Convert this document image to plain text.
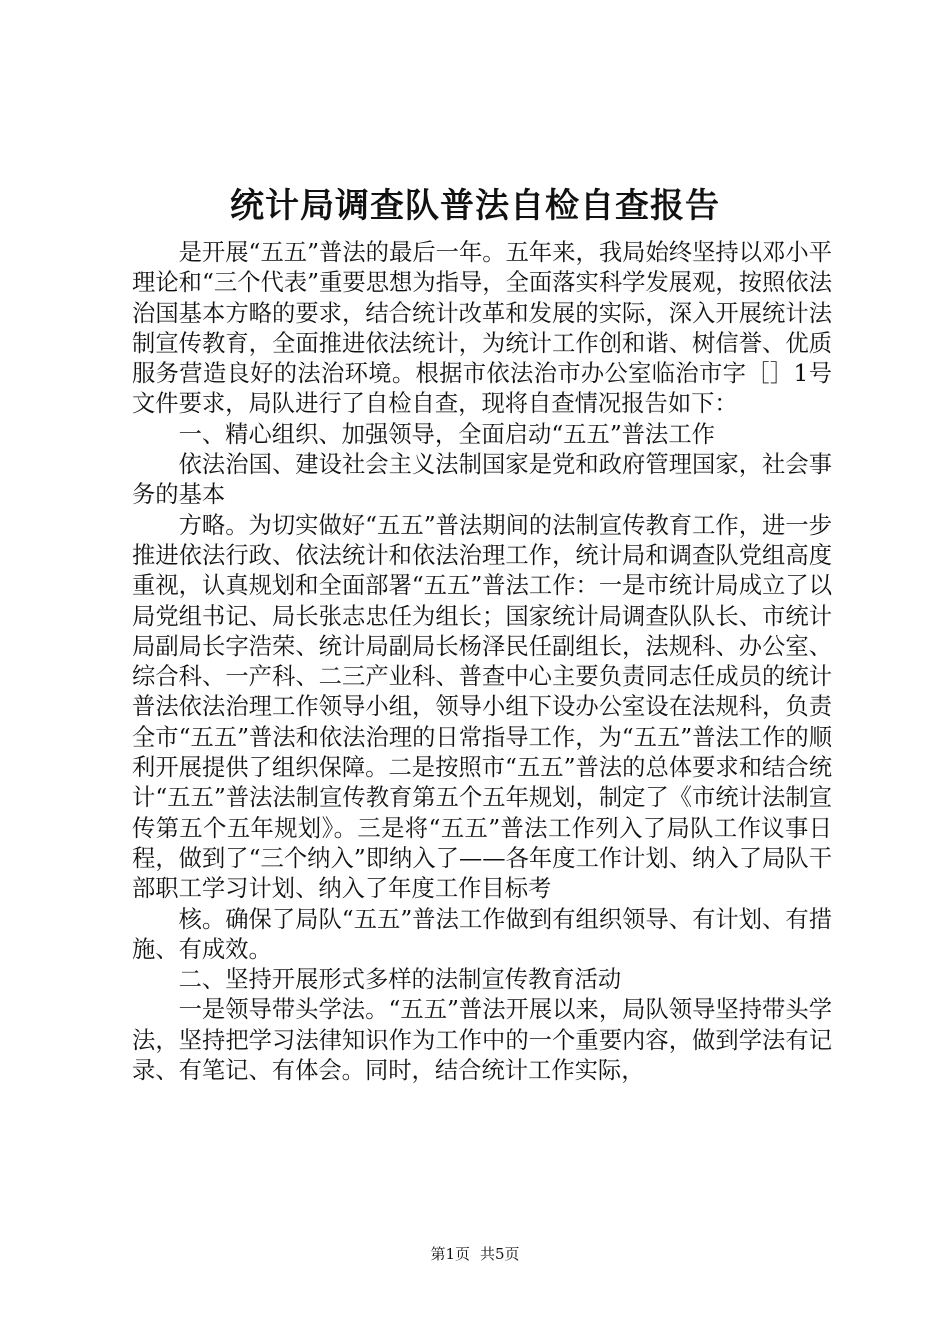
统计局调查队普法自检自查报告

是开展“五五”普法的最后一年。五年来，我局始终坚持以邓小平理论和“三个代表”重要思想为指导，全面落实科学发展观，按照依法治国基本方略的要求，结合统计改革和发展的实际，深入开展统计法制宣传教育，全面推进依法统计，为统计工作创和谐、树信誉、优质服务营造良好的法治环境。根据市依法治市办公室临治市字［］1号文件要求，局队进行了自检自查，现将自查情况报告如下：

一、精心组织、加强领导，全面启动“五五”普法工作

依法治国、建设社会主义法制国家是党和政府管理国家，社会事务的基本

方略。为切实做好“五五”普法期间的法制宣传教育工作，进一步推进依法行政、依法统计和依法治理工作，统计局和调查队党组高度重视，认真规划和全面部署“五五”普法工作：一是市统计局成立了以局党组书记、局长张志忠任为组长；国家统计局调查队队长、市统计局副局长字浩荣、统计局副局长杨泽民任副组长，法规科、办公室、综合科、一产科、二三产业科、普查中心主要负责同志任成员的统计普法依法治理工作领导小组，领导小组下设办公室设在法规科，负责全市“五五”普法和依法治理的日常指导工作，为“五五”普法工作的顺利开展提供了组织保障。二是按照市“五五”普法的总体要求和结合统计“五五”普法法制宣传教育第五个五年规划，制定了《市统计法制宣传第五个五年规划》。三是将“五五”普法工作列入了局队工作议事日程，做到了“三个纳入”即纳入了——各年度工作计划、纳入了局队干部职工学习计划、纳入了年度工作目标考

核。确保了局队“五五”普法工作做到有组织领导、有计划、有措施、有成效。

二、坚持开展形式多样的法制宣传教育活动

一是领导带头学法。“五五”普法开展以来，局队领导坚持带头学法，坚持把学习法律知识作为工作中的一个重要内容，做到学法有记录、有笔记、有体会。同时，结合统计工作实际，

第1页 共5页
